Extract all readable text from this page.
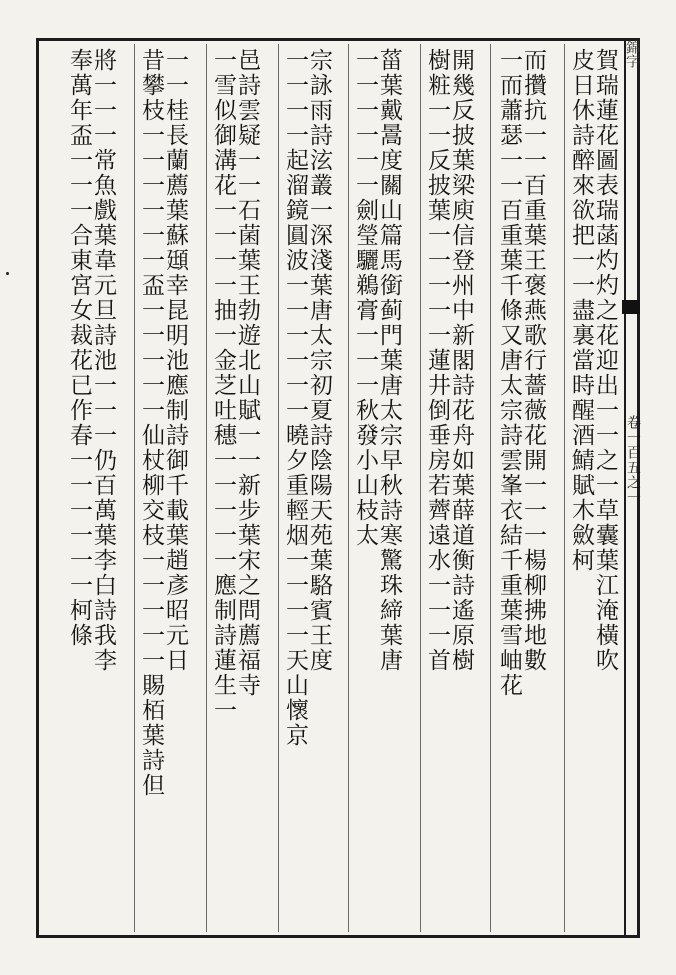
錦字
卷一百五之一
賀瑞蓮花圖表瑞菡灼灼之花迎出一一之一草囊葉江淹橫吹
皮日休詩醉來欲把一一盡裏當時醒酒鯖賦木斂柯
而攢抗一一百重葉王褒燕歌行薔薇花開一一一楊柳拂地數
一而蕭瑟一一百重葉千條又唐太宗詩雲峯衣結千重葉雪岫花
開幾反披葉梁庾信登州中新閣詩花舟如葉薛道衡詩遙原樹
樹粧一一反披葉一一一一一蓮井倒垂房若薺遠水一一一首
菑葉戴暠度關山篇馬銜蓟門葉唐太宗早秋詩寒驚珠締葉唐
一一一一一一劍瑩驪鵜膏一一一秋發小山枝太
宗詠雨詩泫叢一深淺葉唐太宗初夏詩陰陽天苑葉駱賓王度
一一一一起溜鏡圓波一一一一一一曉夕重輕烟一一一一天山懷京
邑詩雲疑一一石菌葉王勃遊北山賦一一新步葉宋之問薦福寺
一雪似御溝花一一一一抽一金芝吐穗一一一一一應制詩蓮生一
一一桂長蘭薦葉蘇頲幸昆明池應制詩御千載葉趙彥昭元日
昔攀枝一一一一一一盃一一一一一仙杖柳交枝一一一一一賜栢葉詩但
將一一一常魚戲葉韋元旦詩池一一一仍百萬葉李白詩我李
奉萬年盃一一一合東宮女裁花已作春一一一一一一柯條
